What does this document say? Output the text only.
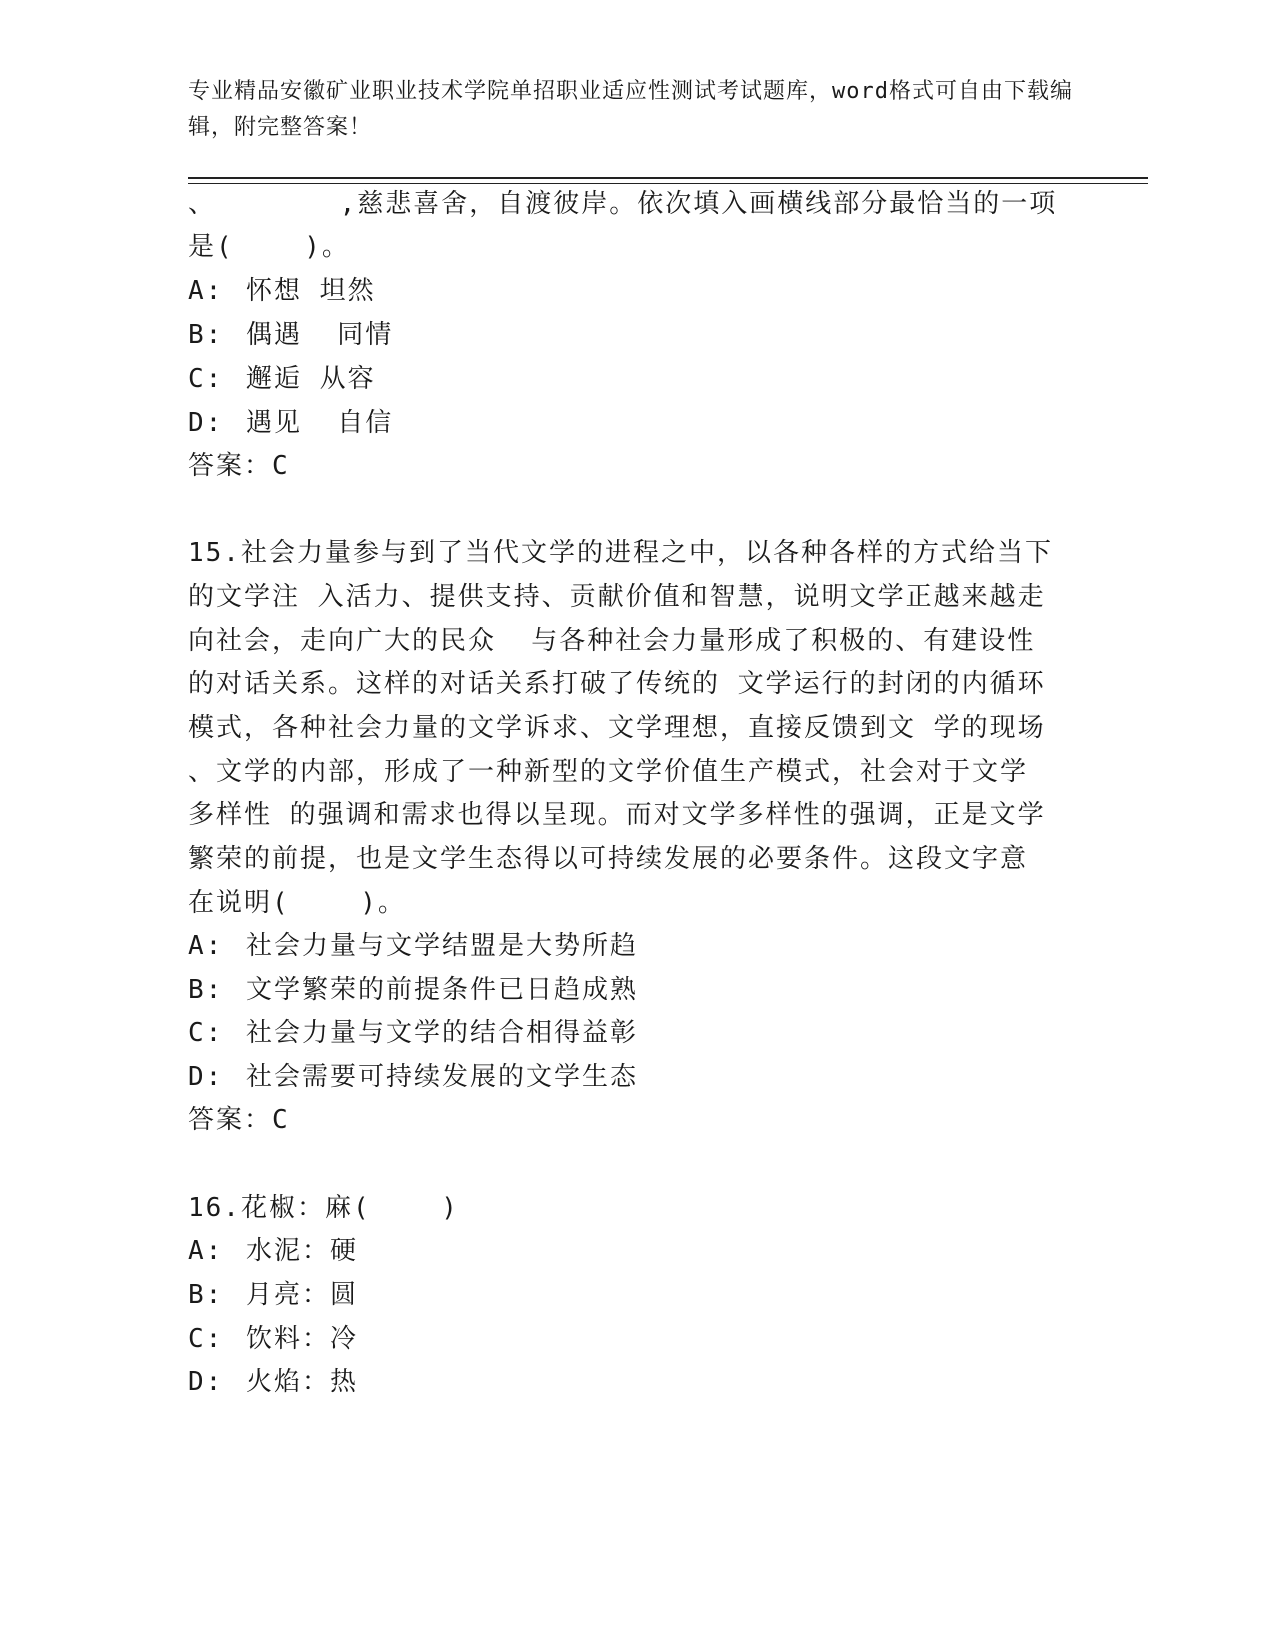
专业精品安徽矿业职业技术学院单招职业适应性测试考试题库，word格式可自由下载编辑，附完整答案！
、       ,慈悲喜舍，自渡彼岸。依次填入画横线部分最恰当的一项
是(    )。
A: 怀想 坦然
B: 偶遇  同情
C: 邂逅 从容
D: 遇见  自信
答案：C
15.社会力量参与到了当代文学的进程之中，以各种各样的方式给当下
的文学注 入活力、提供支持、贡献价值和智慧，说明文学正越来越走
向社会，走向广大的民众  与各种社会力量形成了积极的、有建设性
的对话关系。这样的对话关系打破了传统的 文学运行的封闭的内循环
模式，各种社会力量的文学诉求、文学理想，直接反馈到文 学的现场
、文学的内部，形成了一种新型的文学价值生产模式，社会对于文学
多样性 的强调和需求也得以呈现。而对文学多样性的强调，正是文学
繁荣的前提，也是文学生态得以可持续发展的必要条件。这段文字意
在说明(    )。
A: 社会力量与文学结盟是大势所趋
B: 文学繁荣的前提条件已日趋成熟
C: 社会力量与文学的结合相得益彰
D: 社会需要可持续发展的文学生态
答案：C
16.花椒：麻(    )
A: 水泥：硬
B: 月亮：圆
C: 饮料：冷
D: 火焰：热
